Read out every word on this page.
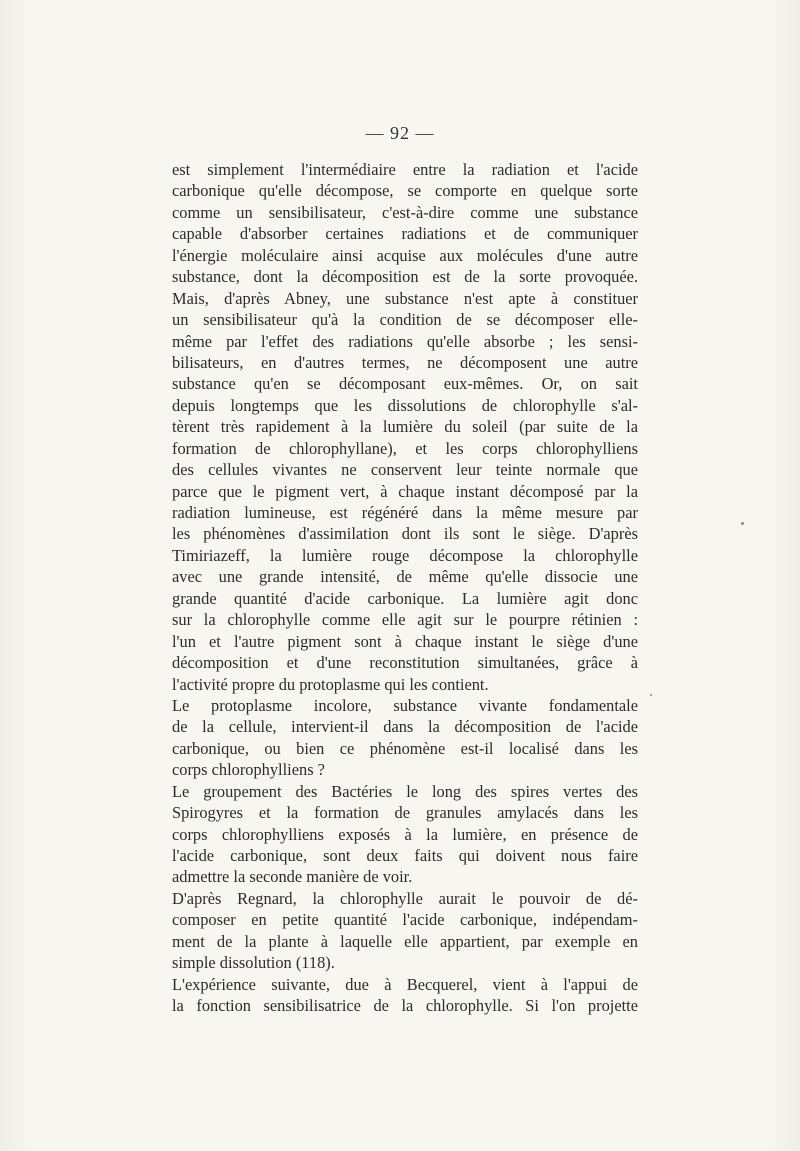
— 92 —
est simplement l'intermédiaire entre la radiation et l'acide
carbonique qu'elle décompose, se comporte en quelque sorte
comme un sensibilisateur, c'est-à-dire comme une substance
capable d'absorber certaines radiations et de communiquer
l'énergie moléculaire ainsi acquise aux molécules d'une autre
substance, dont la décomposition est de la sorte provoquée.
Mais, d'après Abney, une substance n'est apte à constituer
un sensibilisateur qu'à la condition de se décomposer elle-
même par l'effet des radiations qu'elle absorbe ; les sensi-
bilisateurs, en d'autres termes, ne décomposent une autre
substance qu'en se décomposant eux-mêmes. Or, on sait
depuis longtemps que les dissolutions de chlorophylle s'al-
tèrent très rapidement à la lumière du soleil (par suite de la
formation de chlorophyllane), et les corps chlorophylliens
des cellules vivantes ne conservent leur teinte normale que
parce que le pigment vert, à chaque instant décomposé par la
radiation lumineuse, est régénéré dans la même mesure par
les phénomènes d'assimilation dont ils sont le siège. D'après
Timiriazeff, la lumière rouge décompose la chlorophylle
avec une grande intensité, de même qu'elle dissocie une
grande quantité d'acide carbonique. La lumière agit donc
sur la chlorophylle comme elle agit sur le pourpre rétinien :
l'un et l'autre pigment sont à chaque instant le siège d'une
décomposition et d'une reconstitution simultanées, grâce à
l'activité propre du protoplasme qui les contient.
Le protoplasme incolore, substance vivante fondamentale
de la cellule, intervient-il dans la décomposition de l'acide
carbonique, ou bien ce phénomène est-il localisé dans les
corps chlorophylliens ?
Le groupement des Bactéries le long des spires vertes des
Spirogyres et la formation de granules amylacés dans les
corps chlorophylliens exposés à la lumière, en présence de
l'acide carbonique, sont deux faits qui doivent nous faire
admettre la seconde manière de voir.
D'après Regnard, la chlorophylle aurait le pouvoir de dé-
composer en petite quantité l'acide carbonique, indépendam-
ment de la plante à laquelle elle appartient, par exemple en
simple dissolution (118).
L'expérience suivante, due à Becquerel, vient à l'appui de
la fonction sensibilisatrice de la chlorophylle. Si l'on projette
